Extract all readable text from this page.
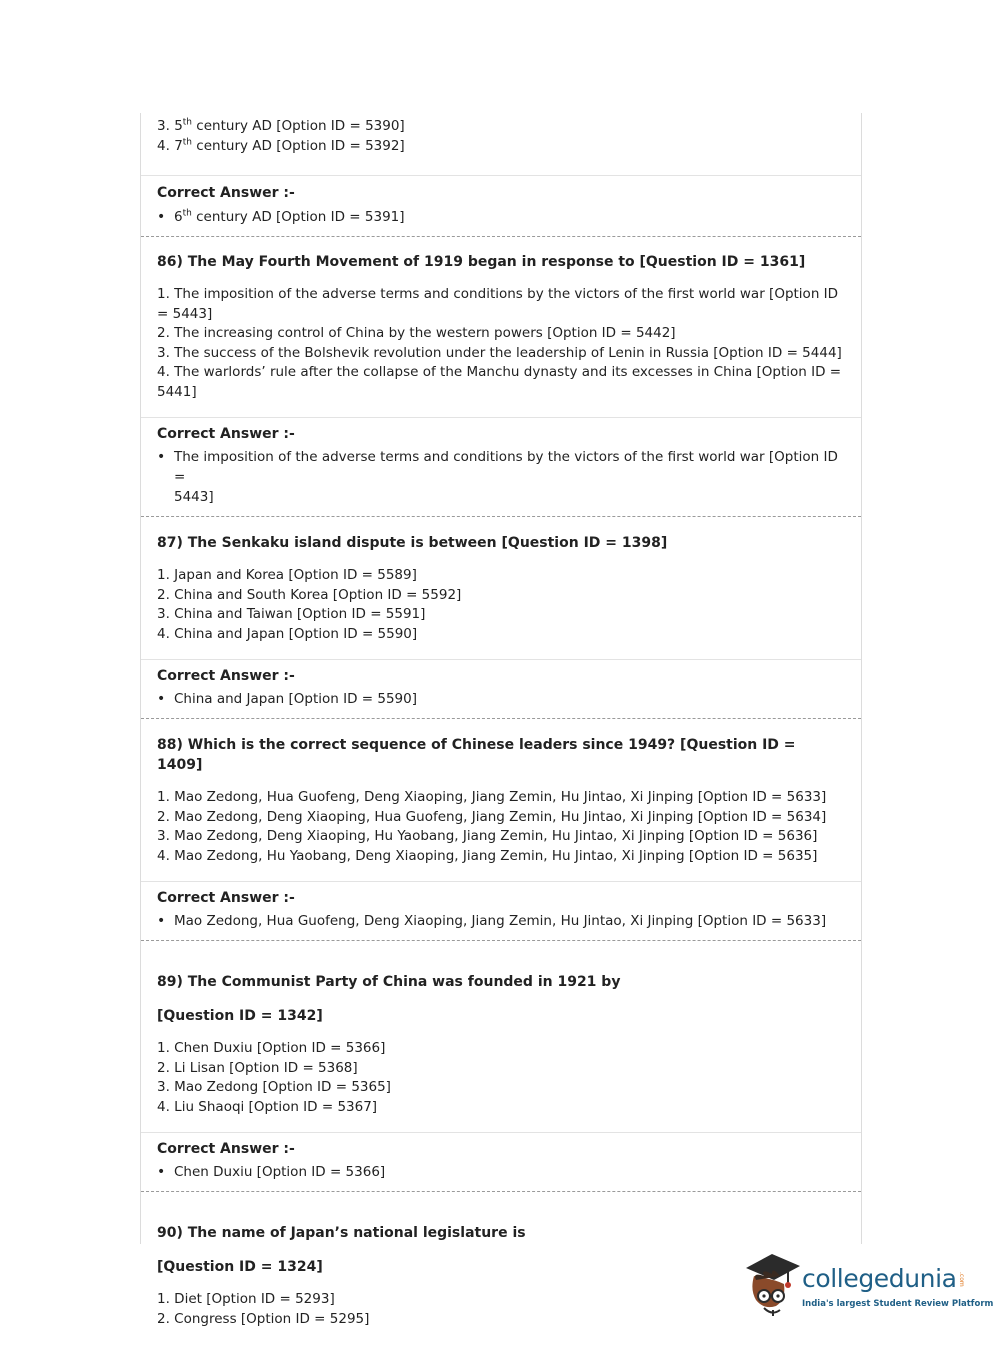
3. 5th century AD [Option ID = 5390]
4. 7th century AD [Option ID = 5392]
Correct Answer :-
• 6th century AD [Option ID = 5391]
86) The May Fourth Movement of 1919 began in response to [Question ID = 1361]
1. The imposition of the adverse terms and conditions by the victors of the first world war [Option ID = 5443]
2. The increasing control of China by the western powers [Option ID = 5442]
3. The success of the Bolshevik revolution under the leadership of Lenin in Russia [Option ID = 5444]
4. The warlords’ rule after the collapse of the Manchu dynasty and its excesses in China [Option ID = 5441]
Correct Answer :-
• The imposition of the adverse terms and conditions by the victors of the first world war [Option ID =
5443]
87) The Senkaku island dispute is between [Question ID = 1398]
1. Japan and Korea [Option ID = 5589]
2. China and South Korea [Option ID = 5592]
3. China and Taiwan [Option ID = 5591]
4. China and Japan [Option ID = 5590]
Correct Answer :-
• China and Japan [Option ID = 5590]
88) Which is the correct sequence of Chinese leaders since 1949? [Question ID = 1409]
1. Mao Zedong, Hua Guofeng, Deng Xiaoping, Jiang Zemin, Hu Jintao, Xi Jinping [Option ID = 5633]
2. Mao Zedong, Deng Xiaoping, Hua Guofeng, Jiang Zemin, Hu Jintao, Xi Jinping [Option ID = 5634]
3. Mao Zedong, Deng Xiaoping, Hu Yaobang, Jiang Zemin, Hu Jintao, Xi Jinping [Option ID = 5636]
4. Mao Zedong, Hu Yaobang, Deng Xiaoping, Jiang Zemin, Hu Jintao, Xi Jinping [Option ID = 5635]
Correct Answer :-
• Mao Zedong, Hua Guofeng, Deng Xiaoping, Jiang Zemin, Hu Jintao, Xi Jinping [Option ID = 5633]
89) The Communist Party of China was founded in 1921 by
[Question ID = 1342]
1. Chen Duxiu [Option ID = 5366]
2. Li Lisan [Option ID = 5368]
3. Mao Zedong [Option ID = 5365]
4. Liu Shaoqi [Option ID = 5367]
Correct Answer :-
• Chen Duxiu [Option ID = 5366]
90) The name of Japan’s national legislature is
[Question ID = 1324]
1. Diet [Option ID = 5293]
2. Congress [Option ID = 5295]
collegedunia .com
India's largest Student Review Platform
